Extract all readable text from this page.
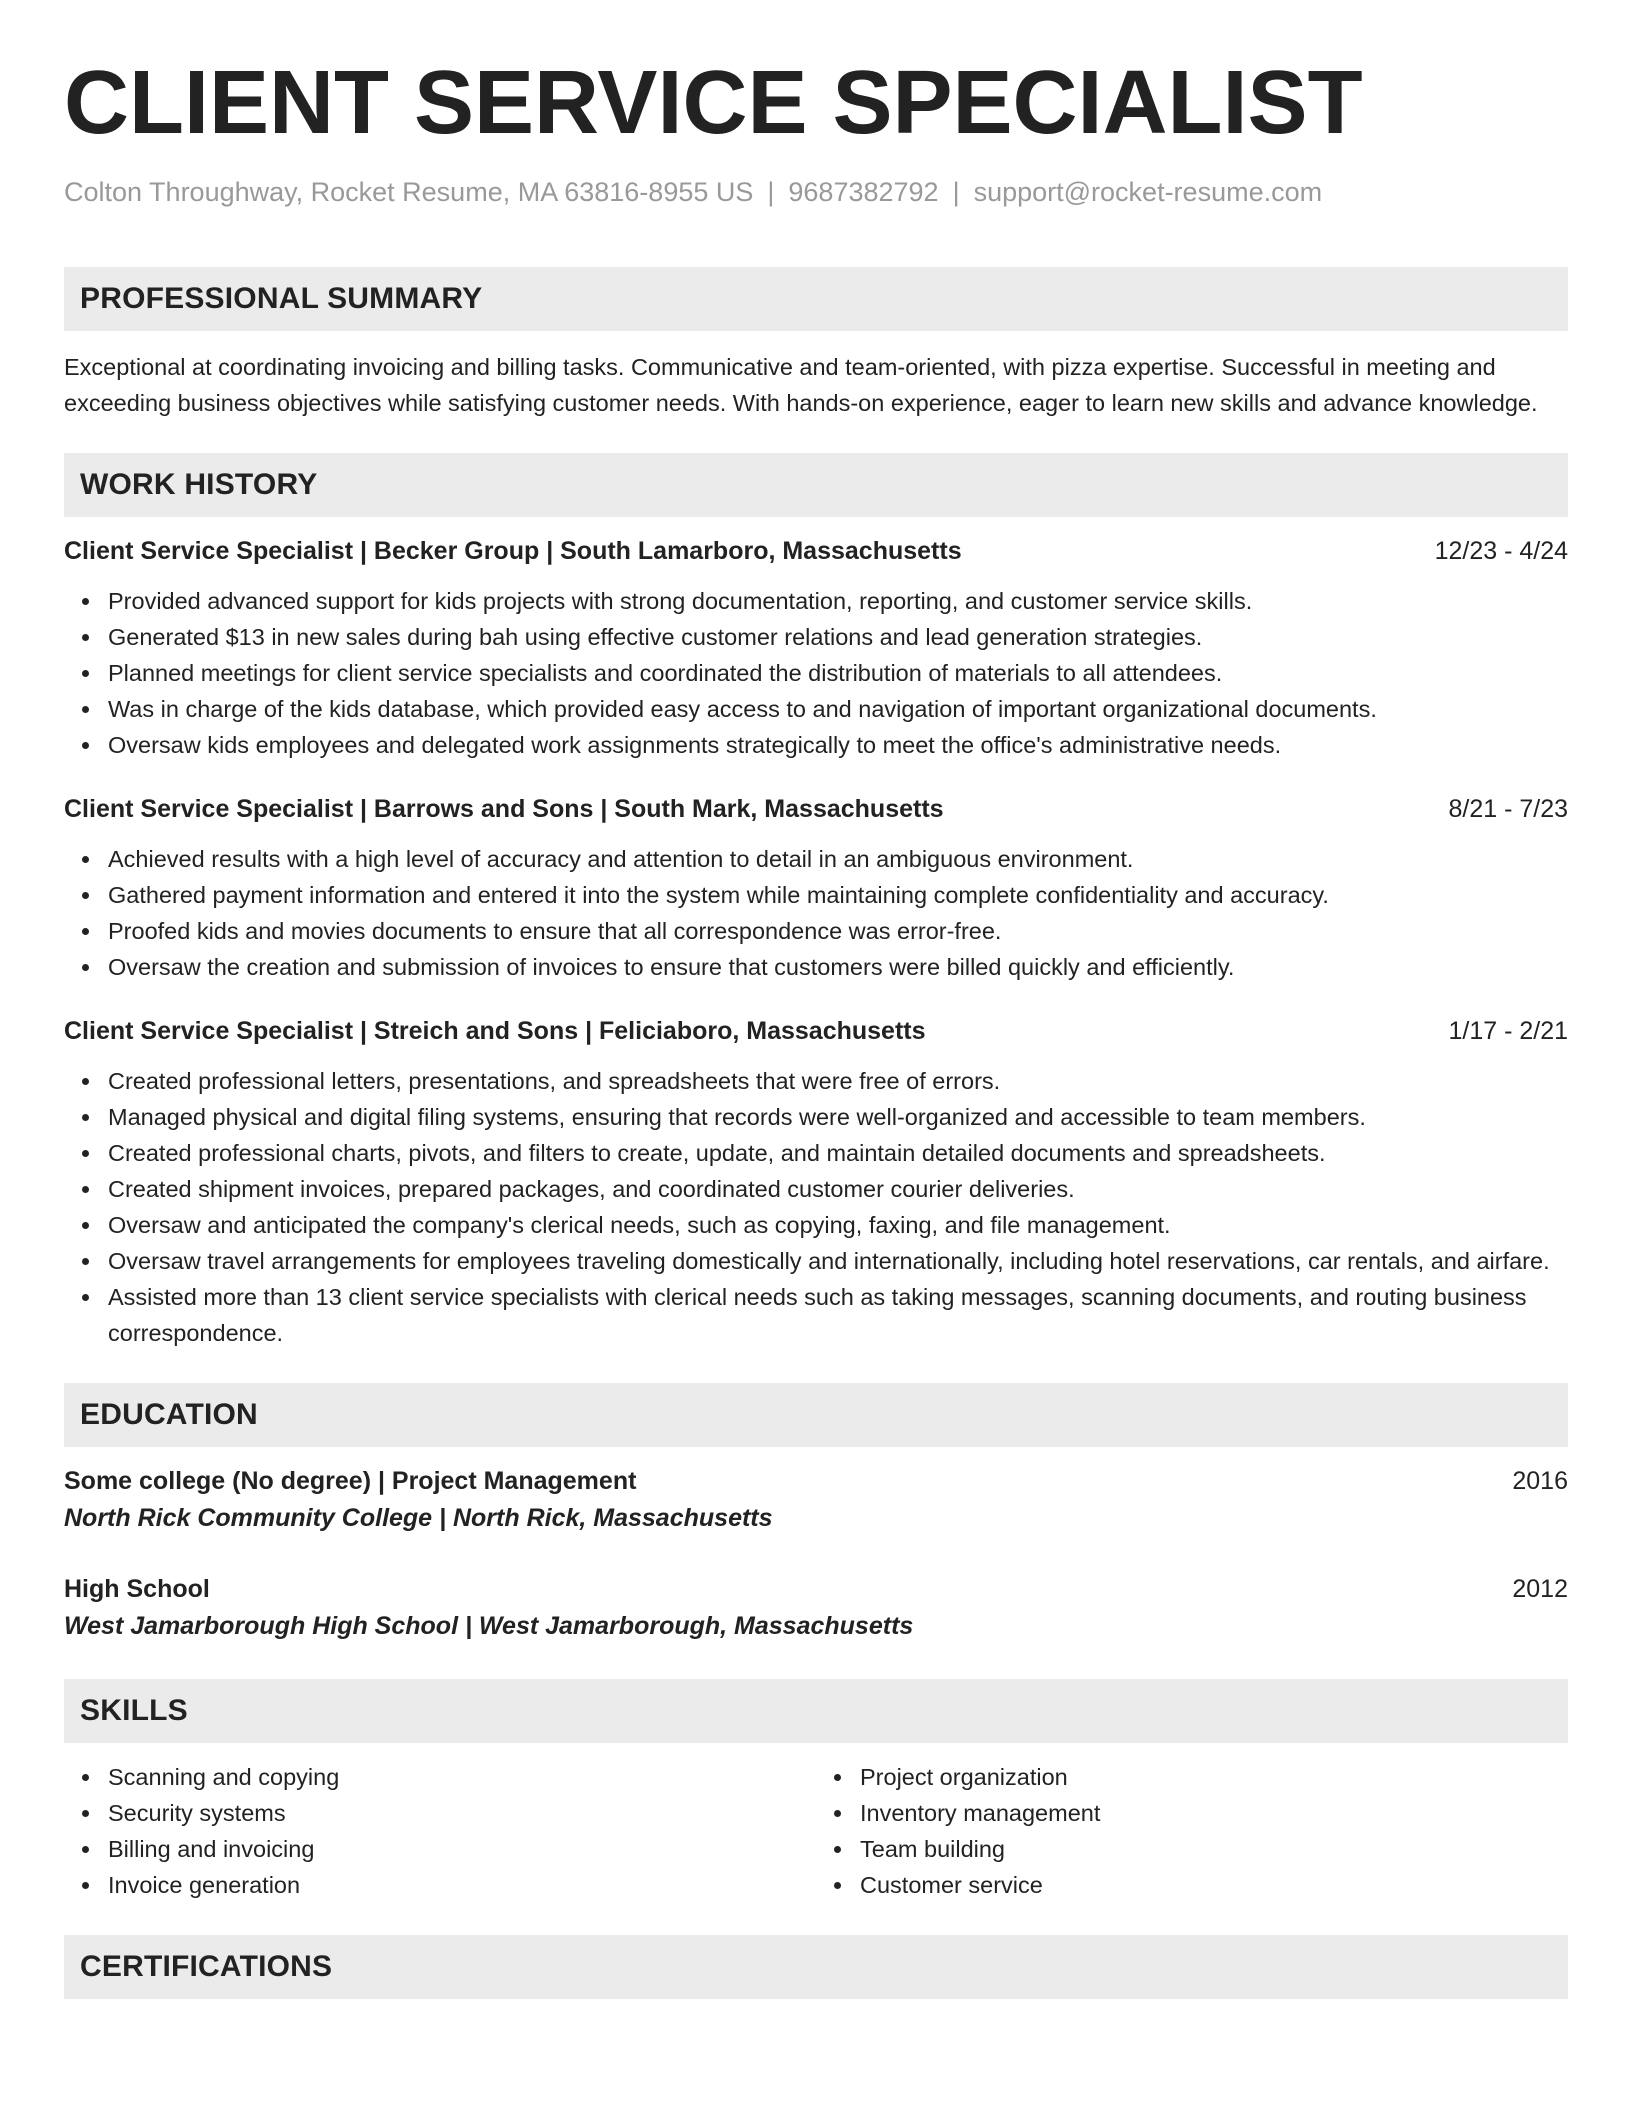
CLIENT SERVICE SPECIALIST
Colton Throughway, Rocket Resume, MA 63816-8955 US | 9687382792 | support@rocket-resume.com
PROFESSIONAL SUMMARY

Exceptional at coordinating invoicing and billing tasks. Communicative and team-oriented, with pizza expertise. Successful in meeting and exceeding business objectives while satisfying customer needs. With hands-on experience, eager to learn new skills and advance knowledge.

WORK HISTORY
Client Service Specialist | Becker Group | South Lamarboro, Massachusetts	12/23 - 4/24
Provided advanced support for kids projects with strong documentation, reporting, and customer service skills.
Generated $13 in new sales during bah using effective customer relations and lead generation strategies.
Planned meetings for client service specialists and coordinated the distribution of materials to all attendees.
Was in charge of the kids database, which provided easy access to and navigation of important organizational documents.
Oversaw kids employees and delegated work assignments strategically to meet the office's administrative needs.
Client Service Specialist | Barrows and Sons | South Mark, Massachusetts	8/21 - 7/23
Achieved results with a high level of accuracy and attention to detail in an ambiguous environment.
Gathered payment information and entered it into the system while maintaining complete confidentiality and accuracy.
Proofed kids and movies documents to ensure that all correspondence was error-free.
Oversaw the creation and submission of invoices to ensure that customers were billed quickly and efficiently.
Client Service Specialist | Streich and Sons | Feliciaboro, Massachusetts	1/17 - 2/21
Created professional letters, presentations, and spreadsheets that were free of errors.
Managed physical and digital filing systems, ensuring that records were well-organized and accessible to team members.
Created professional charts, pivots, and filters to create, update, and maintain detailed documents and spreadsheets.
Created shipment invoices, prepared packages, and coordinated customer courier deliveries.
Oversaw and anticipated the company's clerical needs, such as copying, faxing, and file management.
Oversaw travel arrangements for employees traveling domestically and internationally, including hotel reservations, car rentals, and airfare.
Assisted more than 13 client service specialists with clerical needs such as taking messages, scanning documents, and routing business correspondence.
EDUCATION
Some college (No degree) | Project Management	2016
North Rick Community College | North Rick, Massachusetts
High School	2012
West Jamarborough High School | West Jamarborough, Massachusetts
SKILLS
Scanning and copying
Security systems
Billing and invoicing
Invoice generation
Project organization
Inventory management
Team building
Customer service
CERTIFICATIONS
